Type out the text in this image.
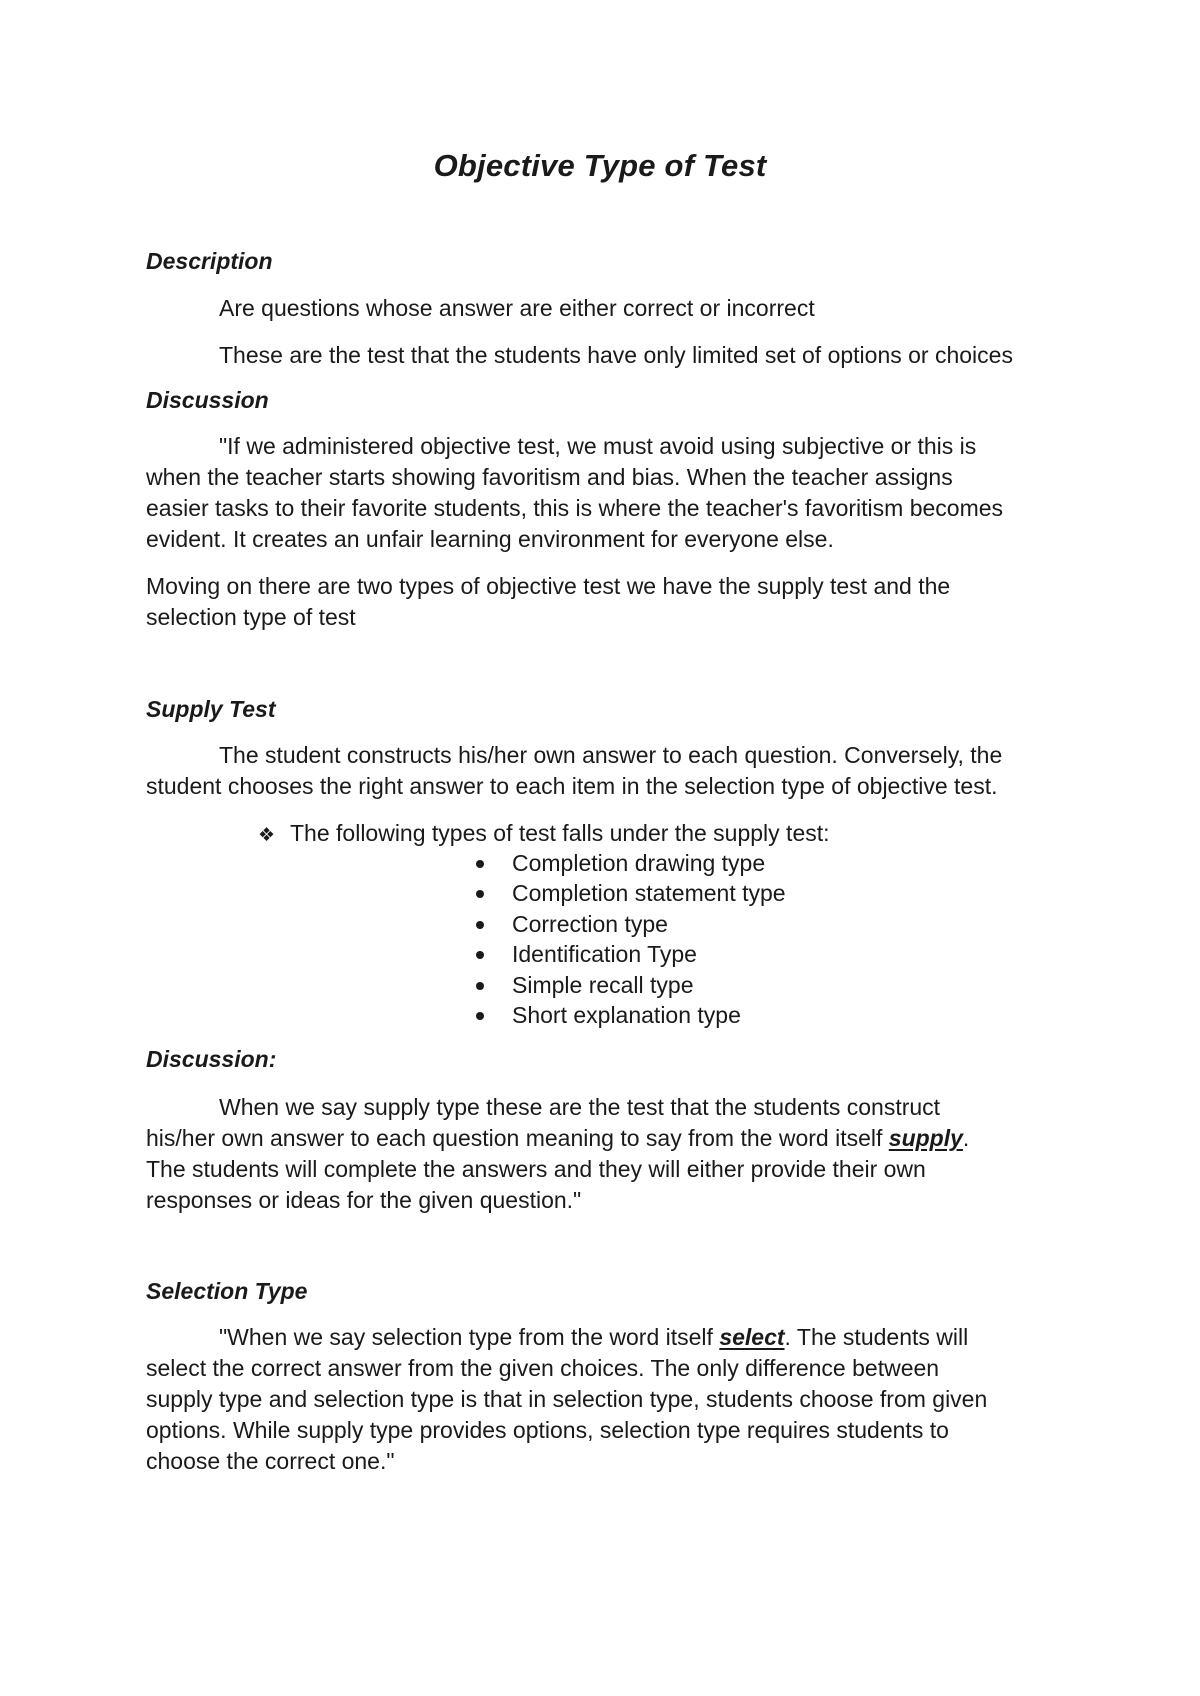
Objective Type of Test
Description
Are questions whose answer are either correct or incorrect
These are the test that the students have only limited set of options or choices
Discussion
"If we administered objective test, we must avoid using subjective or this is
when the teacher starts showing favoritism and bias. When the teacher assigns
easier tasks to their favorite students, this is where the teacher's favoritism becomes
evident. It creates an unfair learning environment for everyone else.
Moving on there are two types of objective test we have the supply test and the
selection type of test
Supply Test
The student constructs his/her own answer to each question. Conversely, the
student chooses the right answer to each item in the selection type of objective test.
❖ The following types of test falls under the supply test:
Completion drawing type
Completion statement type
Correction type
Identification Type
Simple recall type
Short explanation type
Discussion:
When we say supply type these are the test that the students construct
his/her own answer to each question meaning to say from the word itself supply.
The students will complete the answers and they will either provide their own
responses or ideas for the given question."
Selection Type
"When we say selection type from the word itself select. The students will
select the correct answer from the given choices. The only difference between
supply type and selection type is that in selection type, students choose from given
options. While supply type provides options, selection type requires students to
choose the correct one."
